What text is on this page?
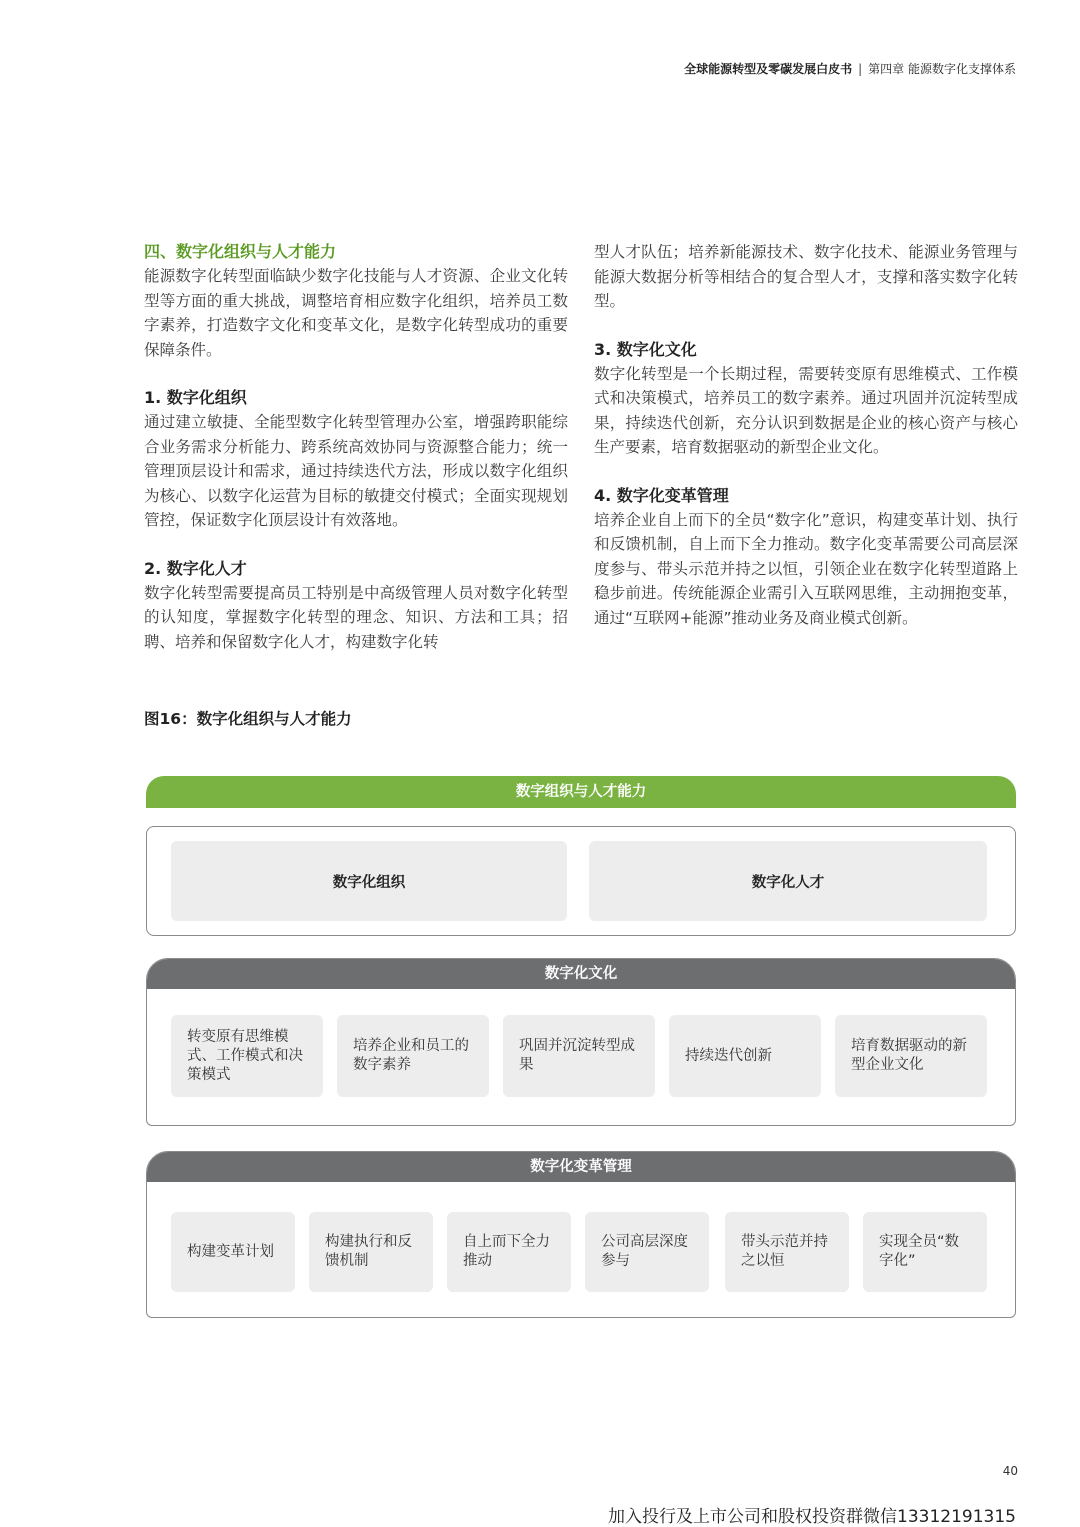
全球能源转型及零碳发展白皮书 | 第四章 能源数字化支撑体系
四、数字化组织与人才能力

能源数字化转型面临缺少数字化技能与人才资源、企业文化转型等方面的重大挑战，调整培育相应数字化组织，培养员工数字素养，打造数字文化和变革文化，是数字化转型成功的重要保障条件。

1. 数字化组织

通过建立敏捷、全能型数字化转型管理办公室，增强跨职能综合业务需求分析能力、跨系统高效协同与资源整合能力；统一管理顶层设计和需求，通过持续迭代方法，形成以数字化组织为核心、以数字化运营为目标的敏捷交付模式；全面实现规划管控，保证数字化顶层设计有效落地。

2. 数字化人才

数字化转型需要提高员工特别是中高级管理人员对数字化转型的认知度，掌握数字化转型的理念、知识、方法和工具；招聘、培养和保留数字化人才，构建数字化转

型人才队伍；培养新能源技术、数字化技术、能源业务管理与能源大数据分析等相结合的复合型人才，支撑和落实数字化转型。

3. 数字化文化

数字化转型是一个长期过程，需要转变原有思维模式、工作模式和决策模式，培养员工的数字素养。通过巩固并沉淀转型成果，持续迭代创新，充分认识到数据是企业的核心资产与核心生产要素，培育数据驱动的新型企业文化。

4. 数字化变革管理

培养企业自上而下的全员“数字化”意识，构建变革计划、执行和反馈机制，自上而下全力推动。数字化变革需要公司高层深度参与、带头示范并持之以恒，引领企业在数字化转型道路上稳步前进。传统能源企业需引入互联网思维，主动拥抱变革，通过“互联网+能源”推动业务及商业模式创新。

图16：数字化组织与人才能力
数字组织与人才能力
数字化组织	数字化人才
数字化文化
转变原有思维模式、工作模式和决策模式
培养企业和员工的数字素养
巩固并沉淀转型成果
持续迭代创新
培育数据驱动的新型企业文化
数字化变革管理
构建变革计划
构建执行和反馈机制
自上而下全力推动
公司高层深度参与
带头示范并持之以恒
实现全员“数字化”
40
加入投行及上市公司和股权投资群微信13312191315
